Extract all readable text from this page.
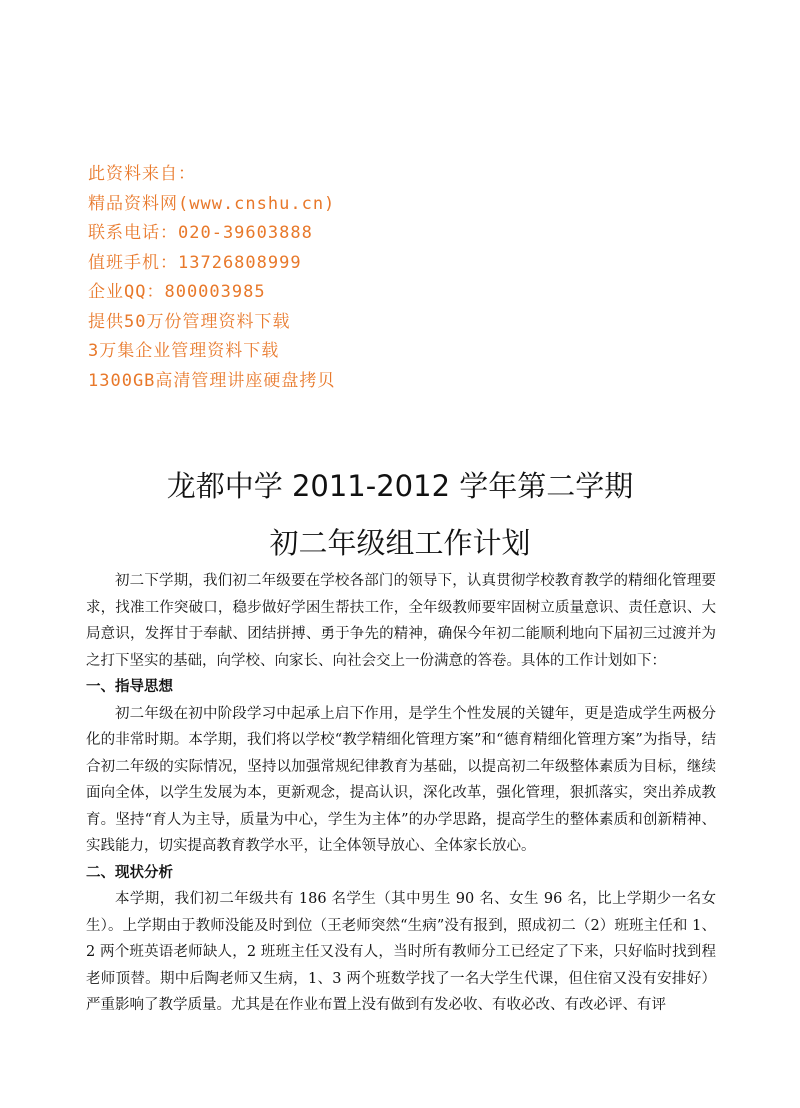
此资料来自：
精品资料网(www.cnshu.cn)
联系电话：020-39603888
值班手机：13726808999
企业QQ：800003985
提供50万份管理资料下载
3万集企业管理资料下载
1300GB高清管理讲座硬盘拷贝
龙都中学 2011-2012 学年第二学期
初二年级组工作计划

初二下学期，我们初二年级要在学校各部门的领导下，认真贯彻学校教育教学的精细化管理要求，找准工作突破口，稳步做好学困生帮扶工作，全年级教师要牢固树立质量意识、责任意识、大局意识，发挥甘于奉献、团结拼搏、勇于争先的精神，确保今年初二能顺利地向下届初三过渡并为之打下坚实的基础，向学校、向家长、向社会交上一份满意的答卷。具体的工作计划如下：

一、指导思想

初二年级在初中阶段学习中起承上启下作用，是学生个性发展的关键年，更是造成学生两极分化的非常时期。本学期，我们将以学校“教学精细化管理方案”和“德育精细化管理方案”为指导，结合初二年级的实际情况，坚持以加强常规纪律教育为基础，以提高初二年级整体素质为目标，继续面向全体，以学生发展为本，更新观念，提高认识，深化改革，强化管理，狠抓落实，突出养成教育。坚持“育人为主导，质量为中心，学生为主体”的办学思路，提高学生的整体素质和创新精神、实践能力，切实提高教育教学水平，让全体领导放心、全体家长放心。

二、现状分析

本学期，我们初二年级共有 186 名学生（其中男生 90 名、女生 96 名，比上学期少一名女生）。上学期由于教师没能及时到位（王老师突然“生病”没有报到，照成初二（2）班班主任和 1、2 两个班英语老师缺人，2 班班主任又没有人，当时所有教师分工已经定了下来，只好临时找到程老师顶替。期中后陶老师又生病，1、3 两个班数学找了一名大学生代课，但住宿又没有安排好）严重影响了教学质量。尤其是在作业布置上没有做到有发必收、有收必改、有改必评、有评
